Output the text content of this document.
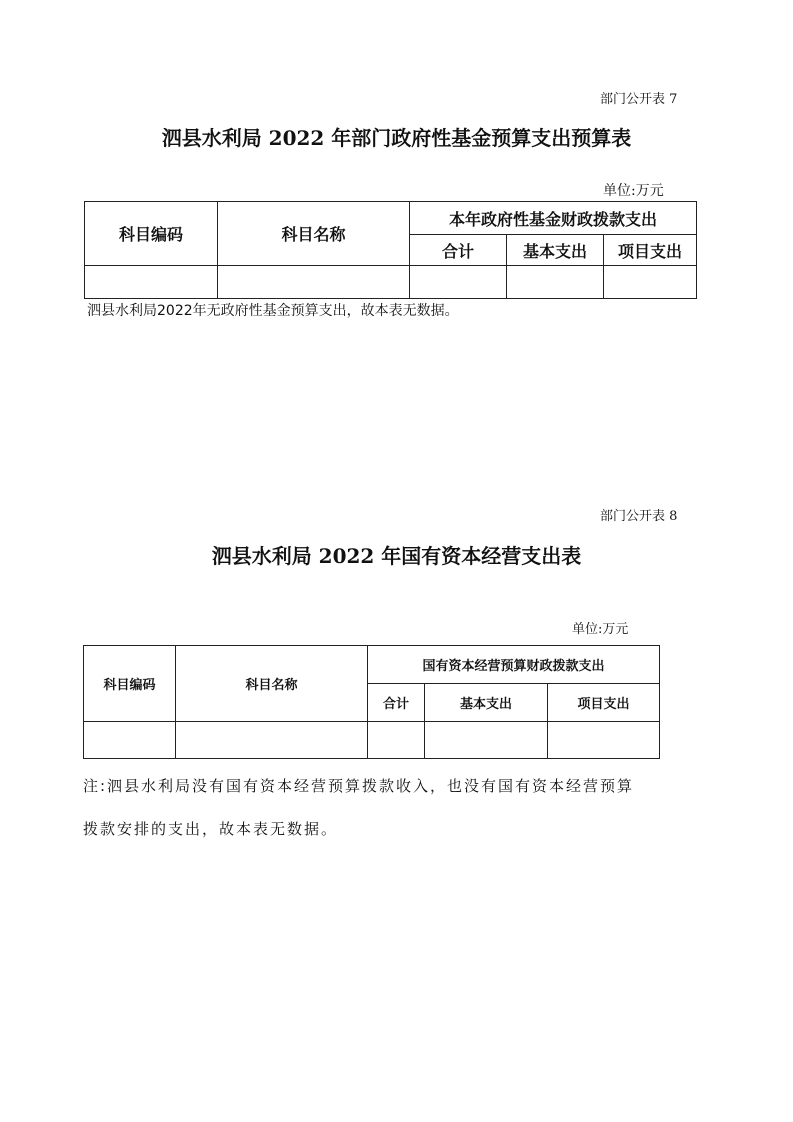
部门公开表 7
泗县水利局 2022 年部门政府性基金预算支出预算表
单位:万元
科目编码	科目名称	本年政府性基金财政拨款支出		
		合计	基本支出	项目支出

泗县水利局2022年无政府性基金预算支出，故本表无数据。
部门公开表 8
泗县水利局 2022 年国有资本经营支出表
单位:万元
科目编码	科目名称	国有资本经营预算财政拨款支出		
		合计	基本支出	项目支出

注:泗县水利局没有国有资本经营预算拨款收入，也没有国有资本经营预算
拨款安排的支出，故本表无数据。
